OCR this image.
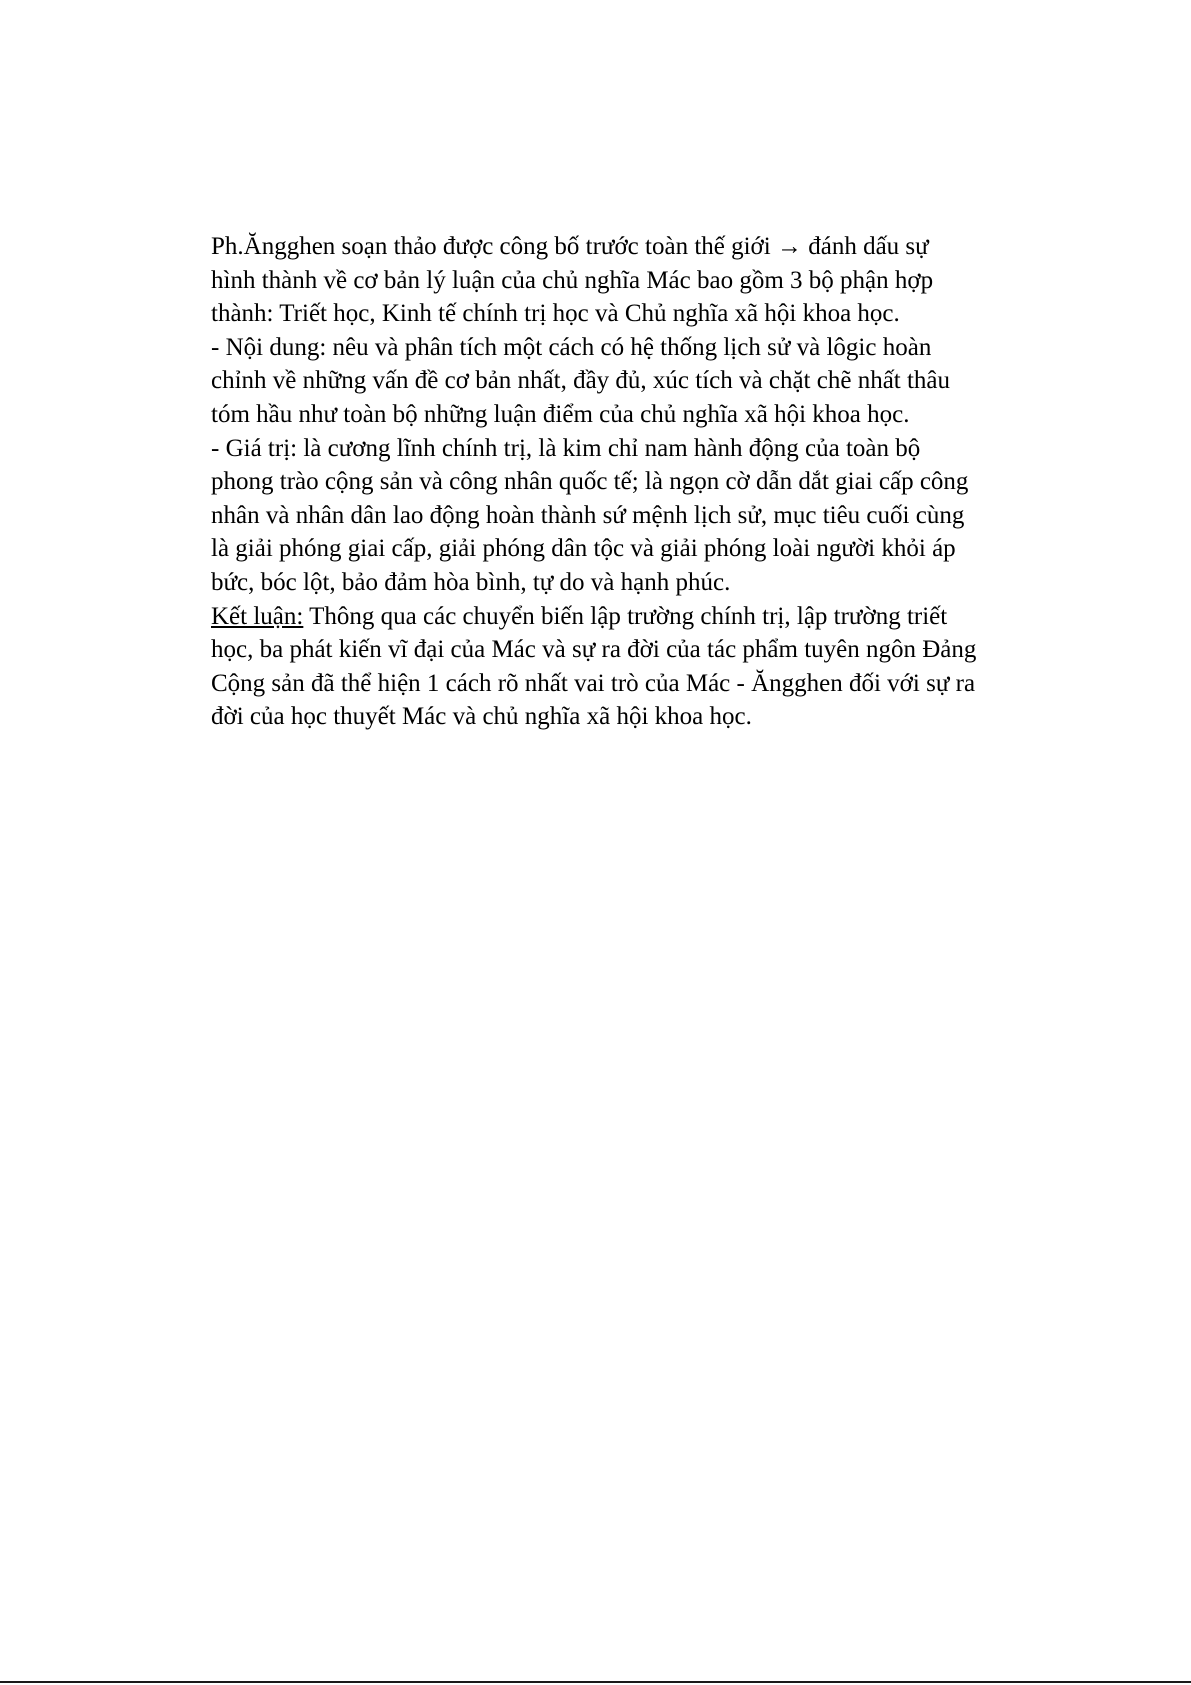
Ph.Ăngghen soạn thảo được công bố trước toàn thế giới → đánh dấu sự
hình thành về cơ bản lý luận của chủ nghĩa Mác bao gồm 3 bộ phận hợp
thành: Triết học, Kinh tế chính trị học và Chủ nghĩa xã hội khoa học.
- Nội dung: nêu và phân tích một cách có hệ thống lịch sử và lôgic hoàn
chỉnh về những vấn đề cơ bản nhất, đầy đủ, xúc tích và chặt chẽ nhất thâu
tóm hầu như toàn bộ những luận điểm của chủ nghĩa xã hội khoa học.
- Giá trị: là cương lĩnh chính trị, là kim chỉ nam hành động của toàn bộ
phong trào cộng sản và công nhân quốc tế; là ngọn cờ dẫn dắt giai cấp công
nhân và nhân dân lao động hoàn thành sứ mệnh lịch sử, mục tiêu cuối cùng
là giải phóng giai cấp, giải phóng dân tộc và giải phóng loài người khỏi áp
bức, bóc lột, bảo đảm hòa bình, tự do và hạnh phúc.
Kết luận: Thông qua các chuyển biến lập trường chính trị, lập trường triết
học, ba phát kiến vĩ đại của Mác và sự ra đời của tác phẩm tuyên ngôn Đảng
Cộng sản đã thể hiện 1 cách rõ nhất vai trò của Mác - Ăngghen đối với sự ra
đời của học thuyết Mác và chủ nghĩa xã hội khoa học.
